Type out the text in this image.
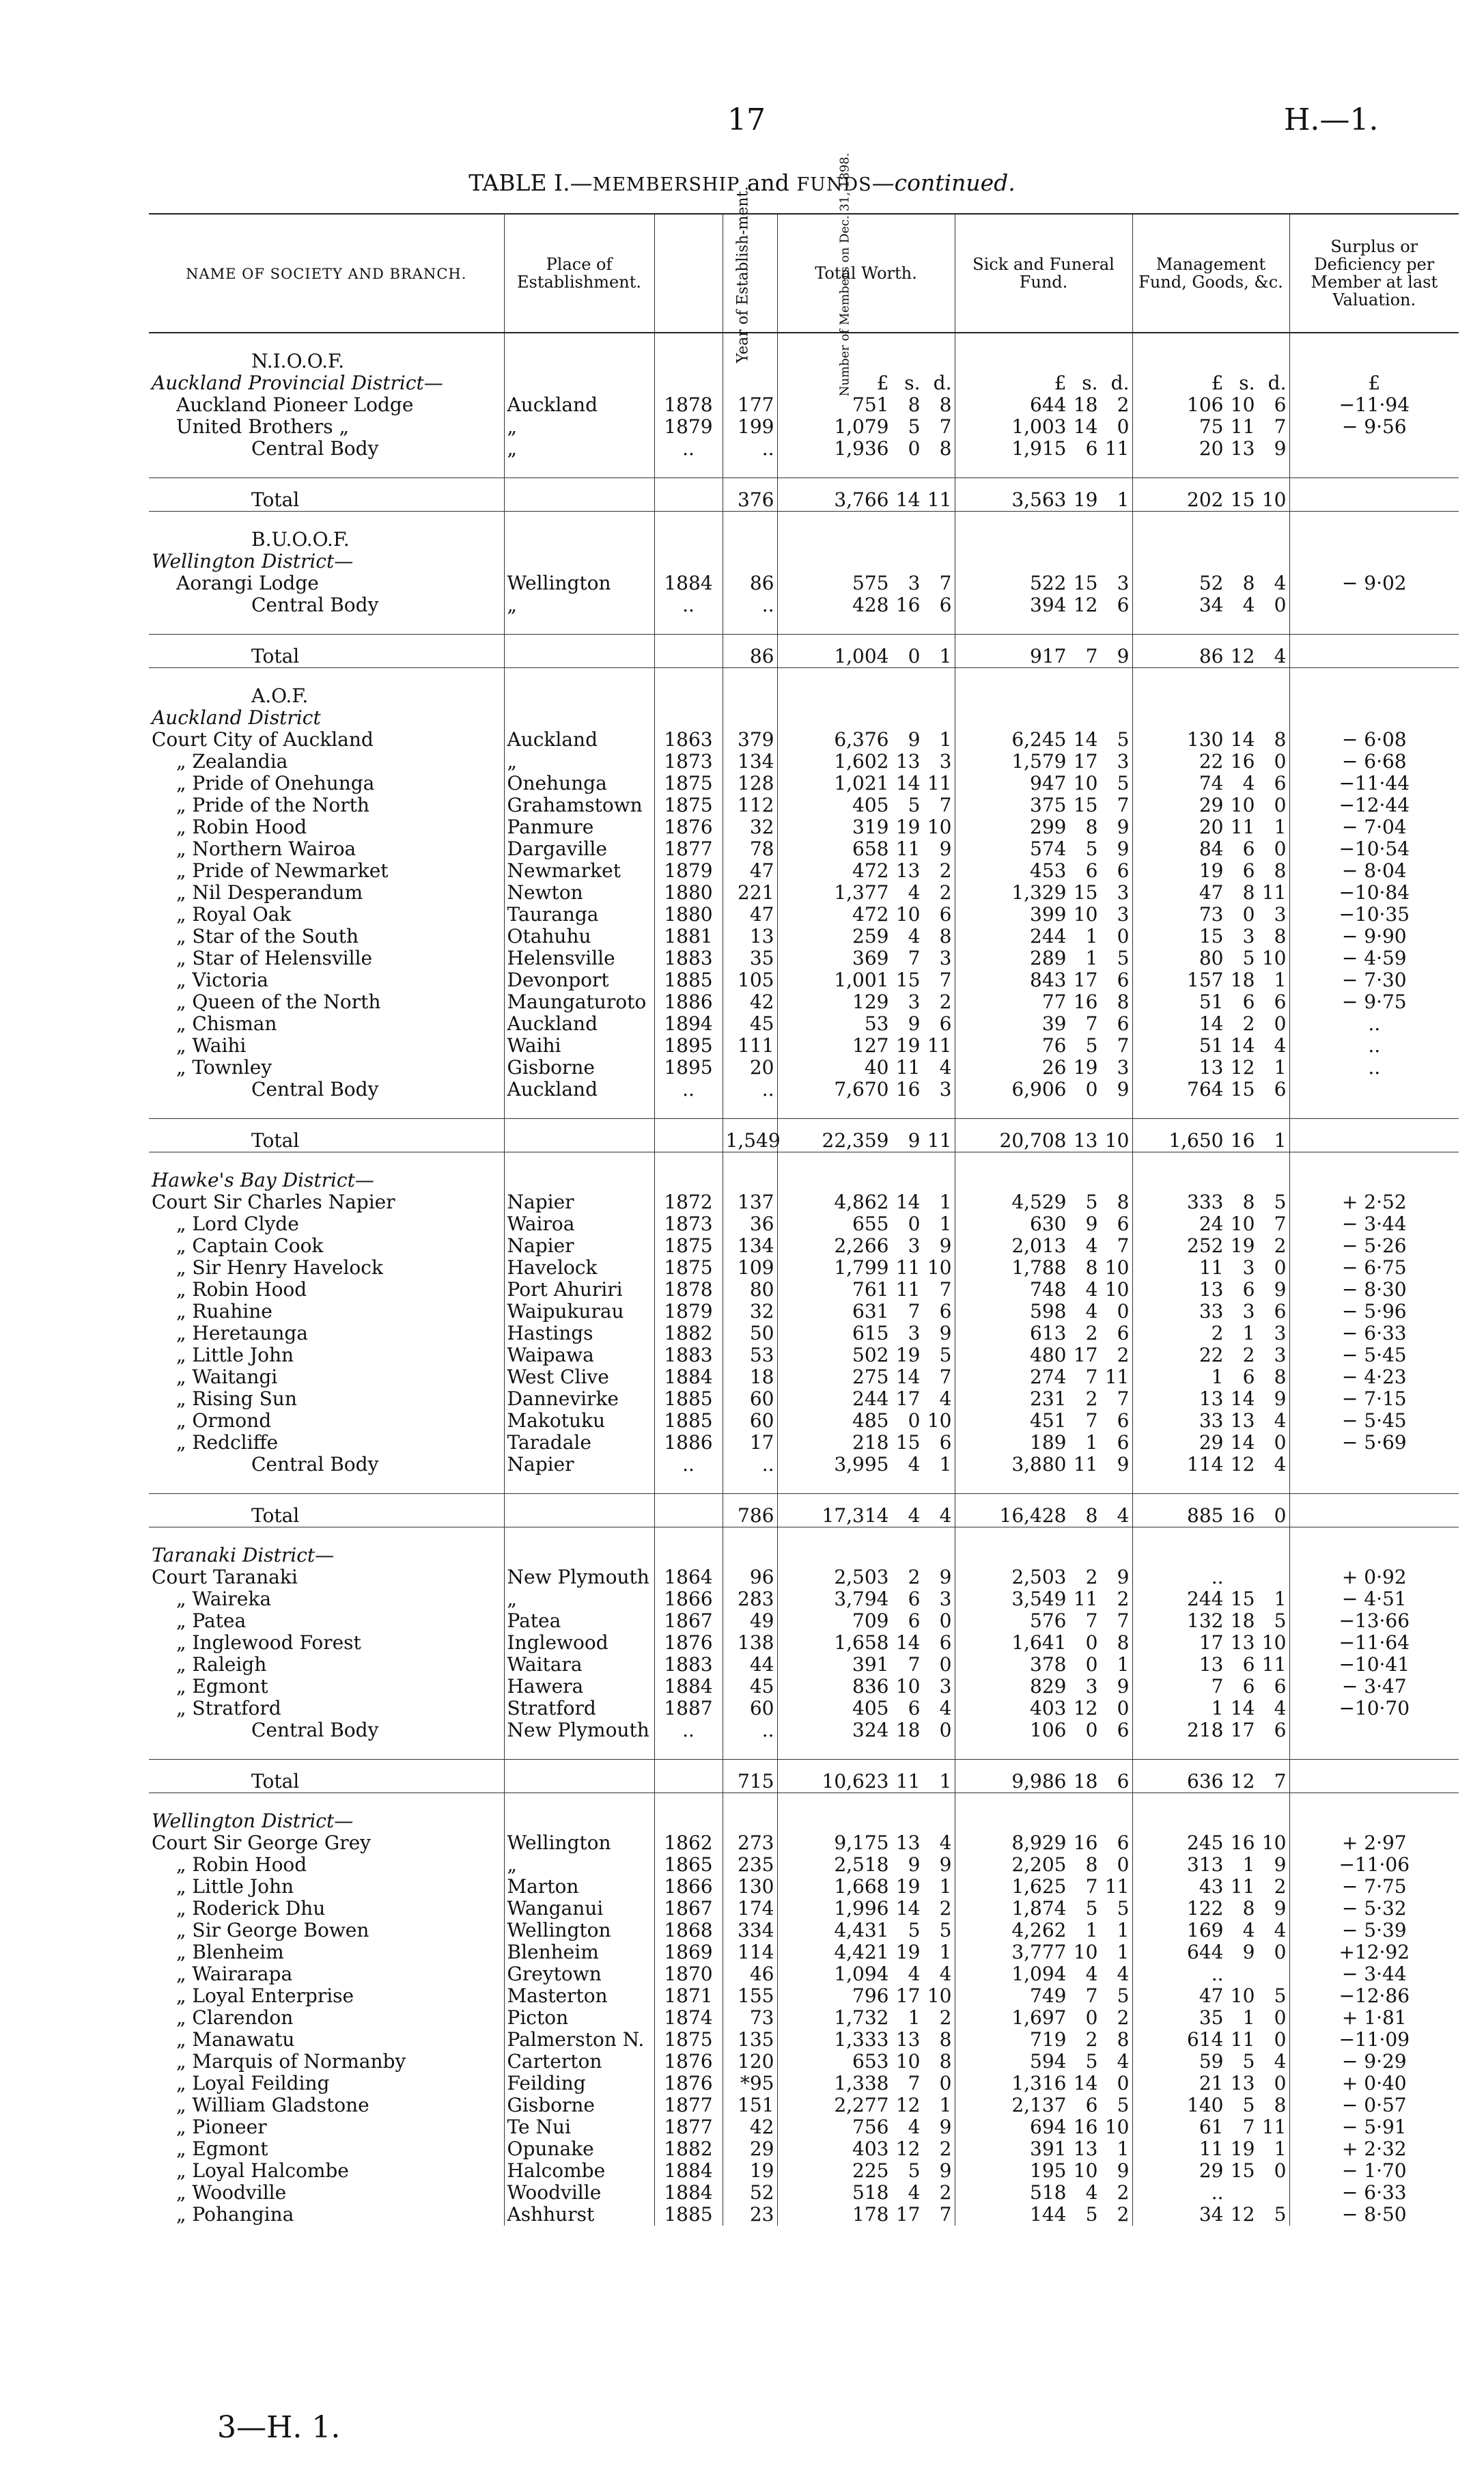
17	H.—1.
TABLE I.—MEMBERSHIP and FUNDS—continued.
NAME OF SOCIETY AND BRANCH.	Place of Establishment.	Year of Establish-ment.	Number of Members on Dec. 31, 1898.	Total Worth.	Sick and Funeral Fund.	Management Fund, Goods, &c.	Surplus or Deficiency per Member at last Valuation.

N.I.O.O.F.							
Auckland Provincial District—				£ s. d.	£ s. d.	£ s. d.	£
Auckland Pioneer Lodge	Auckland	1878	177	751 8 8	644 18 2	106 10 6	−11·94
United Brothers „	„	1879	199	1,079 5 7	1,003 14 0	75 11 7	− 9·56
Central Body	„	..	..	1,936 0 8	1,915 6 11	20 13 9	

Total			376	3,766 14 11	3,563 19 1	202 15 10	

B.U.O.O.F.							
Wellington District—							
Aorangi Lodge	Wellington	1884	86	575 3 7	522 15 3	52 8 4	− 9·02
Central Body	„	..	..	428 16 6	394 12 6	34 4 0	

Total			86	1,004 0 1	917 7 9	86 12 4	

A.O.F.							
Auckland District							
Court City of Auckland	Auckland	1863	379	6,376 9 1	6,245 14 5	130 14 8	− 6·08
„ Zealandia	„	1873	134	1,602 13 3	1,579 17 3	22 16 0	− 6·68
„ Pride of Onehunga	Onehunga	1875	128	1,021 14 11	947 10 5	74 4 6	−11·44
„ Pride of the North	Grahamstown	1875	112	405 5 7	375 15 7	29 10 0	−12·44
„ Robin Hood	Panmure	1876	32	319 19 10	299 8 9	20 11 1	− 7·04
„ Northern Wairoa	Dargaville	1877	78	658 11 9	574 5 9	84 6 0	−10·54
„ Pride of Newmarket	Newmarket	1879	47	472 13 2	453 6 6	19 6 8	− 8·04
„ Nil Desperandum	Newton	1880	221	1,377 4 2	1,329 15 3	47 8 11	−10·84
„ Royal Oak	Tauranga	1880	47	472 10 6	399 10 3	73 0 3	−10·35
„ Star of the South	Otahuhu	1881	13	259 4 8	244 1 0	15 3 8	− 9·90
„ Star of Helensville	Helensville	1883	35	369 7 3	289 1 5	80 5 10	− 4·59
„ Victoria	Devonport	1885	105	1,001 15 7	843 17 6	157 18 1	− 7·30
„ Queen of the North	Maungaturoto	1886	42	129 3 2	77 16 8	51 6 6	− 9·75
„ Chisman	Auckland	1894	45	53 9 6	39 7 6	14 2 0	..
„ Waihi	Waihi	1895	111	127 19 11	76 5 7	51 14 4	..
„ Townley	Gisborne	1895	20	40 11 4	26 19 3	13 12 1	..
Central Body	Auckland	..	..	7,670 16 3	6,906 0 9	764 15 6	

Total			1,549	22,359 9 11	20,708 13 10	1,650 16 1	

Hawke's Bay District—							
Court Sir Charles Napier	Napier	1872	137	4,862 14 1	4,529 5 8	333 8 5	+ 2·52
„ Lord Clyde	Wairoa	1873	36	655 0 1	630 9 6	24 10 7	− 3·44
„ Captain Cook	Napier	1875	134	2,266 3 9	2,013 4 7	252 19 2	− 5·26
„ Sir Henry Havelock	Havelock	1875	109	1,799 11 10	1,788 8 10	11 3 0	− 6·75
„ Robin Hood	Port Ahuriri	1878	80	761 11 7	748 4 10	13 6 9	− 8·30
„ Ruahine	Waipukurau	1879	32	631 7 6	598 4 0	33 3 6	− 5·96
„ Heretaunga	Hastings	1882	50	615 3 9	613 2 6	2 1 3	− 6·33
„ Little John	Waipawa	1883	53	502 19 5	480 17 2	22 2 3	− 5·45
„ Waitangi	West Clive	1884	18	275 14 7	274 7 11	1 6 8	− 4·23
„ Rising Sun	Dannevirke	1885	60	244 17 4	231 2 7	13 14 9	− 7·15
„ Ormond	Makotuku	1885	60	485 0 10	451 7 6	33 13 4	− 5·45
„ Redcliffe	Taradale	1886	17	218 15 6	189 1 6	29 14 0	− 5·69
Central Body	Napier	..	..	3,995 4 1	3,880 11 9	114 12 4	

Total			786	17,314 4 4	16,428 8 4	885 16 0	

Taranaki District—							
Court Taranaki	New Plymouth	1864	96	2,503 2 9	2,503 2 9	..	+ 0·92
„ Waireka	„	1866	283	3,794 6 3	3,549 11 2	244 15 1	− 4·51
„ Patea	Patea	1867	49	709 6 0	576 7 7	132 18 5	−13·66
„ Inglewood Forest	Inglewood	1876	138	1,658 14 6	1,641 0 8	17 13 10	−11·64
„ Raleigh	Waitara	1883	44	391 7 0	378 0 1	13 6 11	−10·41
„ Egmont	Hawera	1884	45	836 10 3	829 3 9	7 6 6	− 3·47
„ Stratford	Stratford	1887	60	405 6 4	403 12 0	1 14 4	−10·70
Central Body	New Plymouth	..	..	324 18 0	106 0 6	218 17 6	

Total			715	10,623 11 1	9,986 18 6	636 12 7	

Wellington District—							
Court Sir George Grey	Wellington	1862	273	9,175 13 4	8,929 16 6	245 16 10	+ 2·97
„ Robin Hood	„	1865	235	2,518 9 9	2,205 8 0	313 1 9	−11·06
„ Little John	Marton	1866	130	1,668 19 1	1,625 7 11	43 11 2	− 7·75
„ Roderick Dhu	Wanganui	1867	174	1,996 14 2	1,874 5 5	122 8 9	− 5·32
„ Sir George Bowen	Wellington	1868	334	4,431 5 5	4,262 1 1	169 4 4	− 5·39
„ Blenheim	Blenheim	1869	114	4,421 19 1	3,777 10 1	644 9 0	+12·92
„ Wairarapa	Greytown	1870	46	1,094 4 4	1,094 4 4	..	− 3·44
„ Loyal Enterprise	Masterton	1871	155	796 17 10	749 7 5	47 10 5	−12·86
„ Clarendon	Picton	1874	73	1,732 1 2	1,697 0 2	35 1 0	+ 1·81
„ Manawatu	Palmerston N.	1875	135	1,333 13 8	719 2 8	614 11 0	−11·09
„ Marquis of Normanby	Carterton	1876	120	653 10 8	594 5 4	59 5 4	− 9·29
„ Loyal Feilding	Feilding	1876	*95	1,338 7 0	1,316 14 0	21 13 0	+ 0·40
„ William Gladstone	Gisborne	1877	151	2,277 12 1	2,137 6 5	140 5 8	− 0·57
„ Pioneer	Te Nui	1877	42	756 4 9	694 16 10	61 7 11	− 5·91
„ Egmont	Opunake	1882	29	403 12 2	391 13 1	11 19 1	+ 2·32
„ Loyal Halcombe	Halcombe	1884	19	225 5 9	195 10 9	29 15 0	− 1·70
„ Woodville	Woodville	1884	52	518 4 2	518 4 2	..	− 6·33
„ Pohangina	Ashhurst	1885	23	178 17 7	144 5 2	34 12 5	− 8·50
3—H. 1.
